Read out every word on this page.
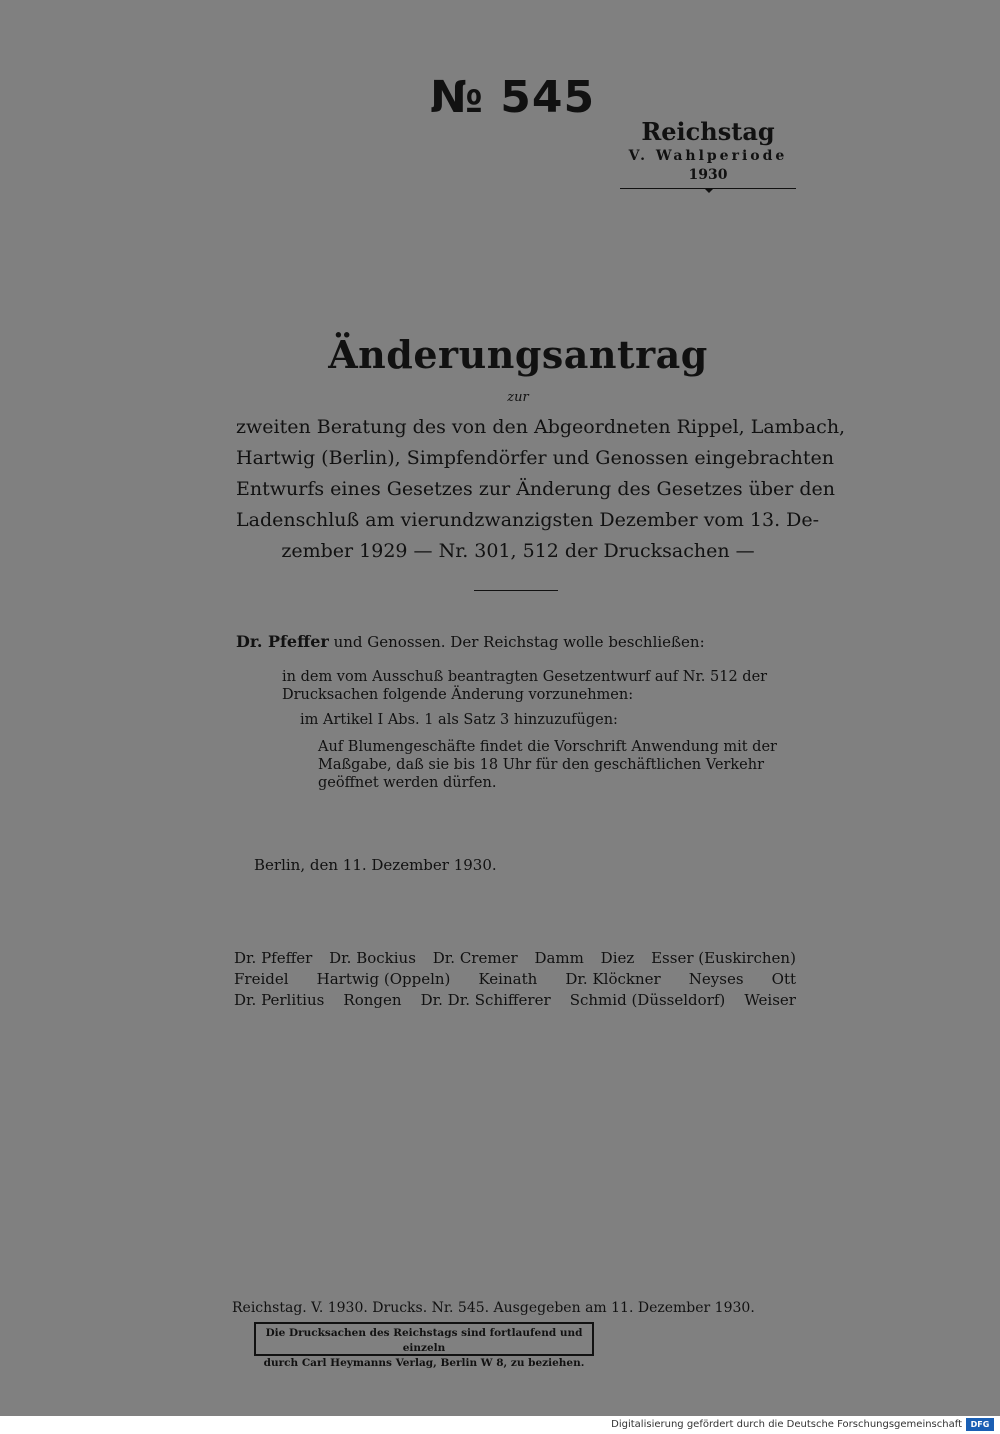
№ 545
Reichstag
V. Wahlperiode
1930
Änderungsantrag
zur
zweiten Beratung des von den Abgeordneten Rippel, Lambach,
Hartwig (Berlin), Simpfendörfer und Genossen eingebrachten
Entwurfs eines Gesetzes zur Änderung des Gesetzes über den
Ladenschluß am vierundzwanzigsten Dezember vom 13. De-
zember 1929 — Nr. 301, 512 der Drucksachen —
Dr. Pfeffer und Genossen. Der Reichstag wolle beschließen:
in dem vom Ausschuß beantragten Gesetzentwurf auf Nr. 512 der
Drucksachen folgende Änderung vorzunehmen:
im Artikel I Abs. 1 als Satz 3 hinzuzufügen:
Auf Blumengeschäfte findet die Vorschrift Anwendung mit der
Maßgabe, daß sie bis 18 Uhr für den geschäftlichen Verkehr
geöffnet werden dürfen.
Berlin, den 11. Dezember 1930.
Dr. Pfeffer Dr. Bockius Dr. Cremer Damm Diez Esser (Euskirchen)
Freidel Hartwig (Oppeln) Keinath Dr. Klöckner Neyses Ott
Dr. Perlitius Rongen Dr. Dr. Schifferer Schmid (Düsseldorf) Weiser
Reichstag. V. 1930. Drucks. Nr. 545. Ausgegeben am 11. Dezember 1930.
Die Drucksachen des Reichstags sind fortlaufend und einzeln
durch Carl Heymanns Verlag, Berlin W 8, zu beziehen.
Digitalisierung gefördert durch die Deutsche Forschungsgemeinschaft	DFG
